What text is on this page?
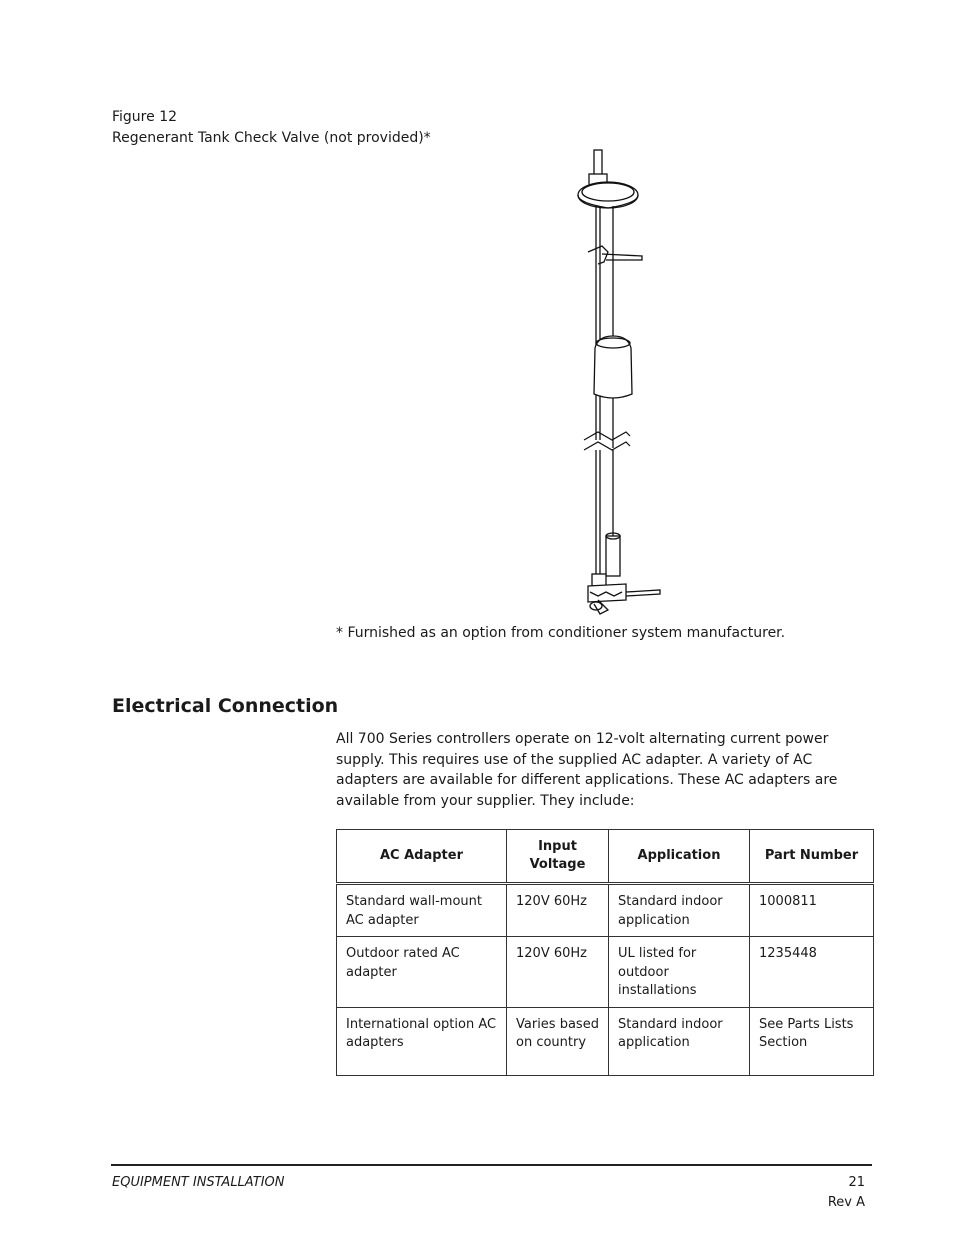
Figure 12
Regenerant Tank Check Valve (not provided)*
* Furnished as an option from conditioner system manufacturer.
Electrical Connection
All 700 Series controllers operate on 12-volt alternating current power supply. This requires use of the supplied AC adapter. A variety of AC adapters are available for different applications. These AC adapters are available from your supplier. They include:
AC Adapter	Input Voltage	Application	Part Number
Standard wall-mount AC adapter	120V 60Hz	Standard indoor application	1000811
Outdoor rated AC adapter	120V 60Hz	UL listed for outdoor installations	1235448
International option AC adapters	Varies based on country	Standard indoor application	See Parts Lists Section
EQUIPMENT INSTALLATION	21
Rev A
